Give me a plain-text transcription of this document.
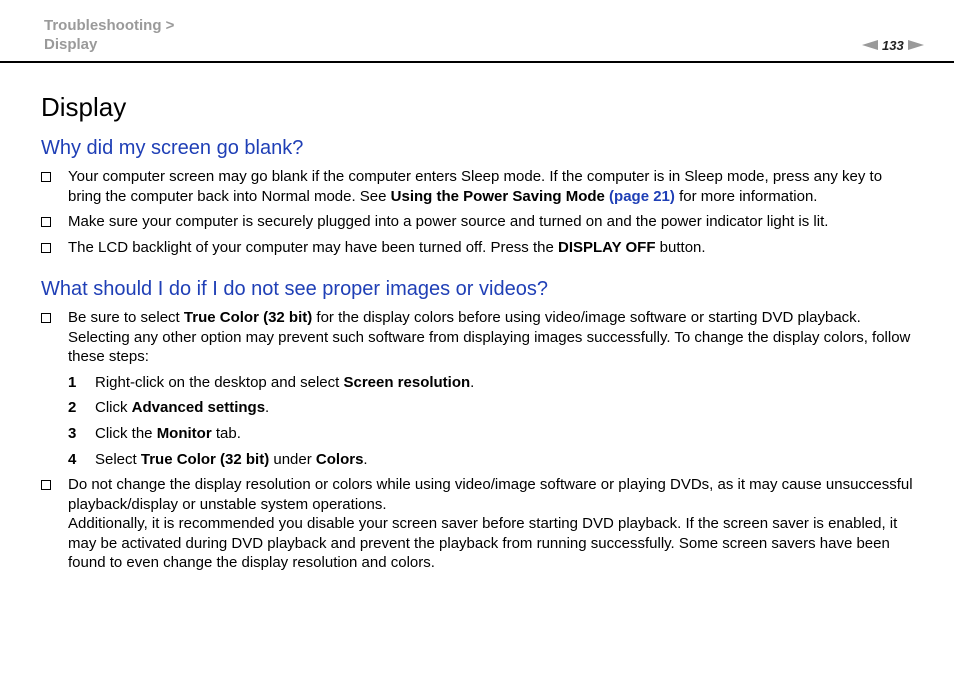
Troubleshooting >
Display	133
Display
Why did my screen go blank?

Your computer screen may go blank if the computer enters Sleep mode. If the computer is in Sleep mode, press any key to bring the computer back into Normal mode. See Using the Power Saving Mode (page 21) for more information.

Make sure your computer is securely plugged into a power source and turned on and the power indicator light is lit.

The LCD backlight of your computer may have been turned off. Press the DISPLAY OFF button.

What should I do if I do not see proper images or videos?

Be sure to select True Color (32 bit) for the display colors before using video/image software or starting DVD playback. Selecting any other option may prevent such software from displaying images successfully. To change the display colors, follow these steps:

1	Right-click on the desktop and select Screen resolution.
2	Click Advanced settings.
3	Click the Monitor tab.
4	Select True Color (32 bit) under Colors.

Do not change the display resolution or colors while using video/image software or playing DVDs, as it may cause unsuccessful playback/display or unstable system operations.

Additionally, it is recommended you disable your screen saver before starting DVD playback. If the screen saver is enabled, it may be activated during DVD playback and prevent the playback from running successfully. Some screen savers have been found to even change the display resolution and colors.
